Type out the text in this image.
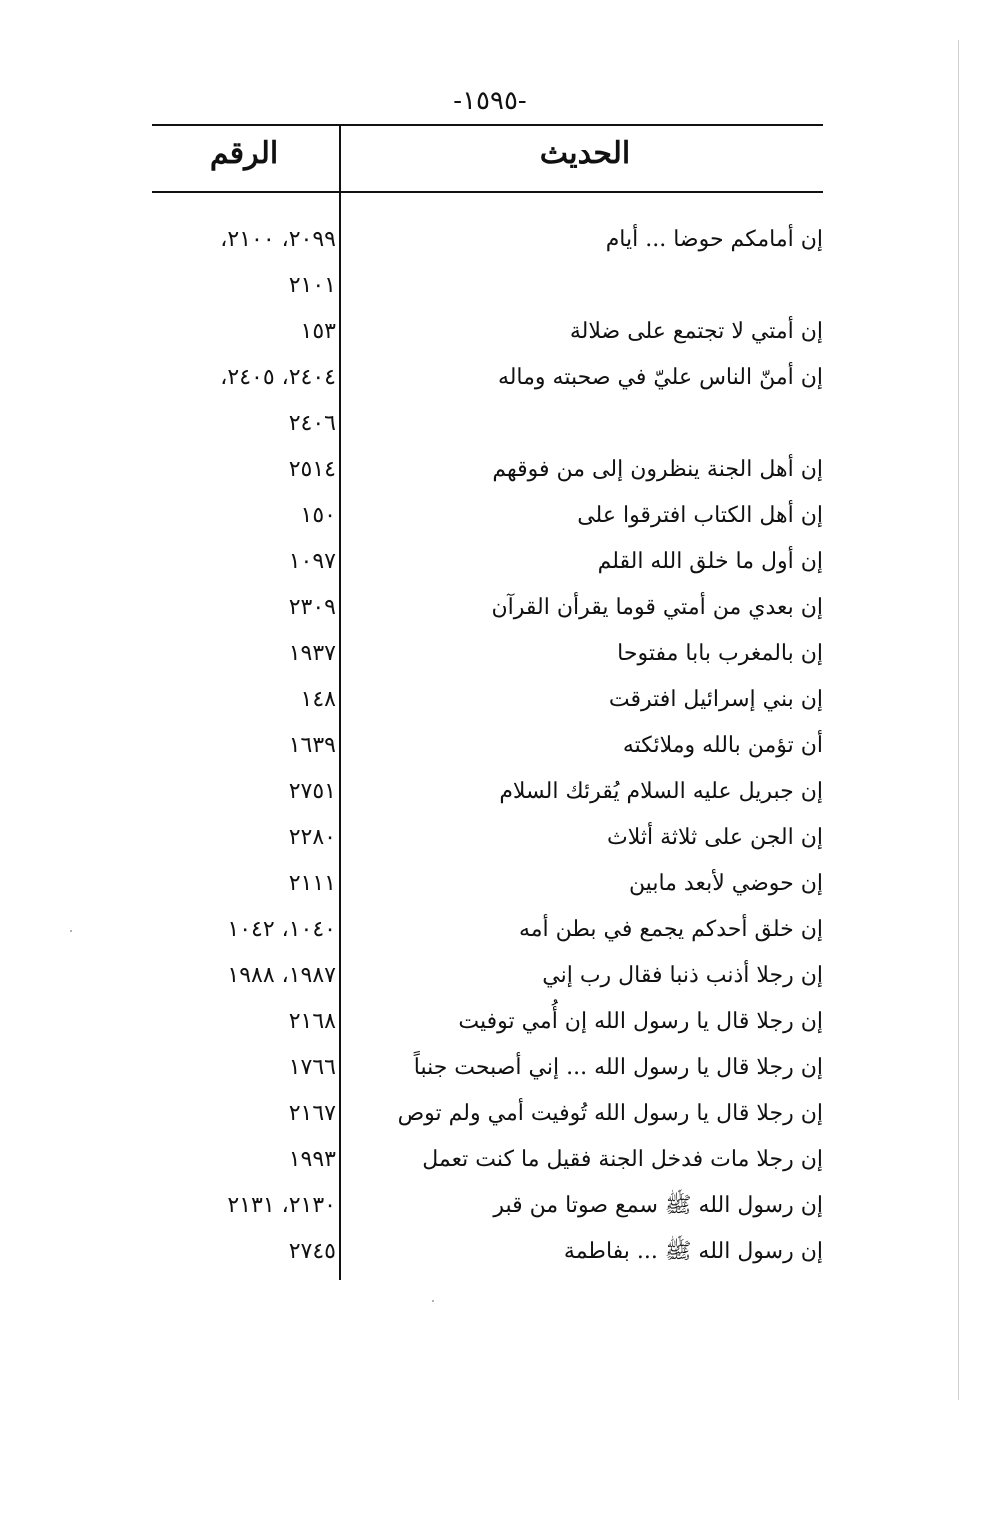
-١٥٩٥-
الحديث
الرقم
إن أمامكم حوضا ... أيام
٢٠٩٩، ٢١٠٠،
٢١٠١
إن أمتي لا تجتمع على ضلالة
١٥٣
إن أمنّ الناس عليّ في صحبته وماله
٢٤٠٤، ٢٤٠٥،
٢٤٠٦
إن أهل الجنة ينظرون إلى من فوقهم
٢٥١٤
إن أهل الكتاب افترقوا على
١٥٠
إن أول ما خلق الله القلم
١٠٩٧
إن بعدي من أمتي قوما يقرأن القرآن
٢٣٠٩
إن بالمغرب بابا مفتوحا
١٩٣٧
إن بني إسرائيل افترقت
١٤٨
أن تؤمن بالله وملائكته
١٦٣٩
إن جبريل عليه السلام يُقرئك السلام
٢٧٥١
إن الجن على ثلاثة أثلاث
٢٢٨٠
إن حوضي لأبعد مابين
٢١١١
إن خلق أحدكم يجمع في بطن أمه
١٠٤٠، ١٠٤٢
إن رجلا أذنب ذنبا فقال رب إني
١٩٨٧، ١٩٨٨
إن رجلا قال يا رسول الله إن أُمي توفيت
٢١٦٨
إن رجلا قال يا رسول الله ... إني أصبحت جنباً
١٧٦٦
إن رجلا قال يا رسول الله تُوفيت أمي ولم توص
٢١٦٧
إن رجلا مات فدخل الجنة فقيل ما كنت تعمل
١٩٩٣
إن رسول الله ﷺ سمع صوتا من قبر
٢١٣٠، ٢١٣١
إن رسول الله ﷺ ... بفاطمة
٢٧٤٥
